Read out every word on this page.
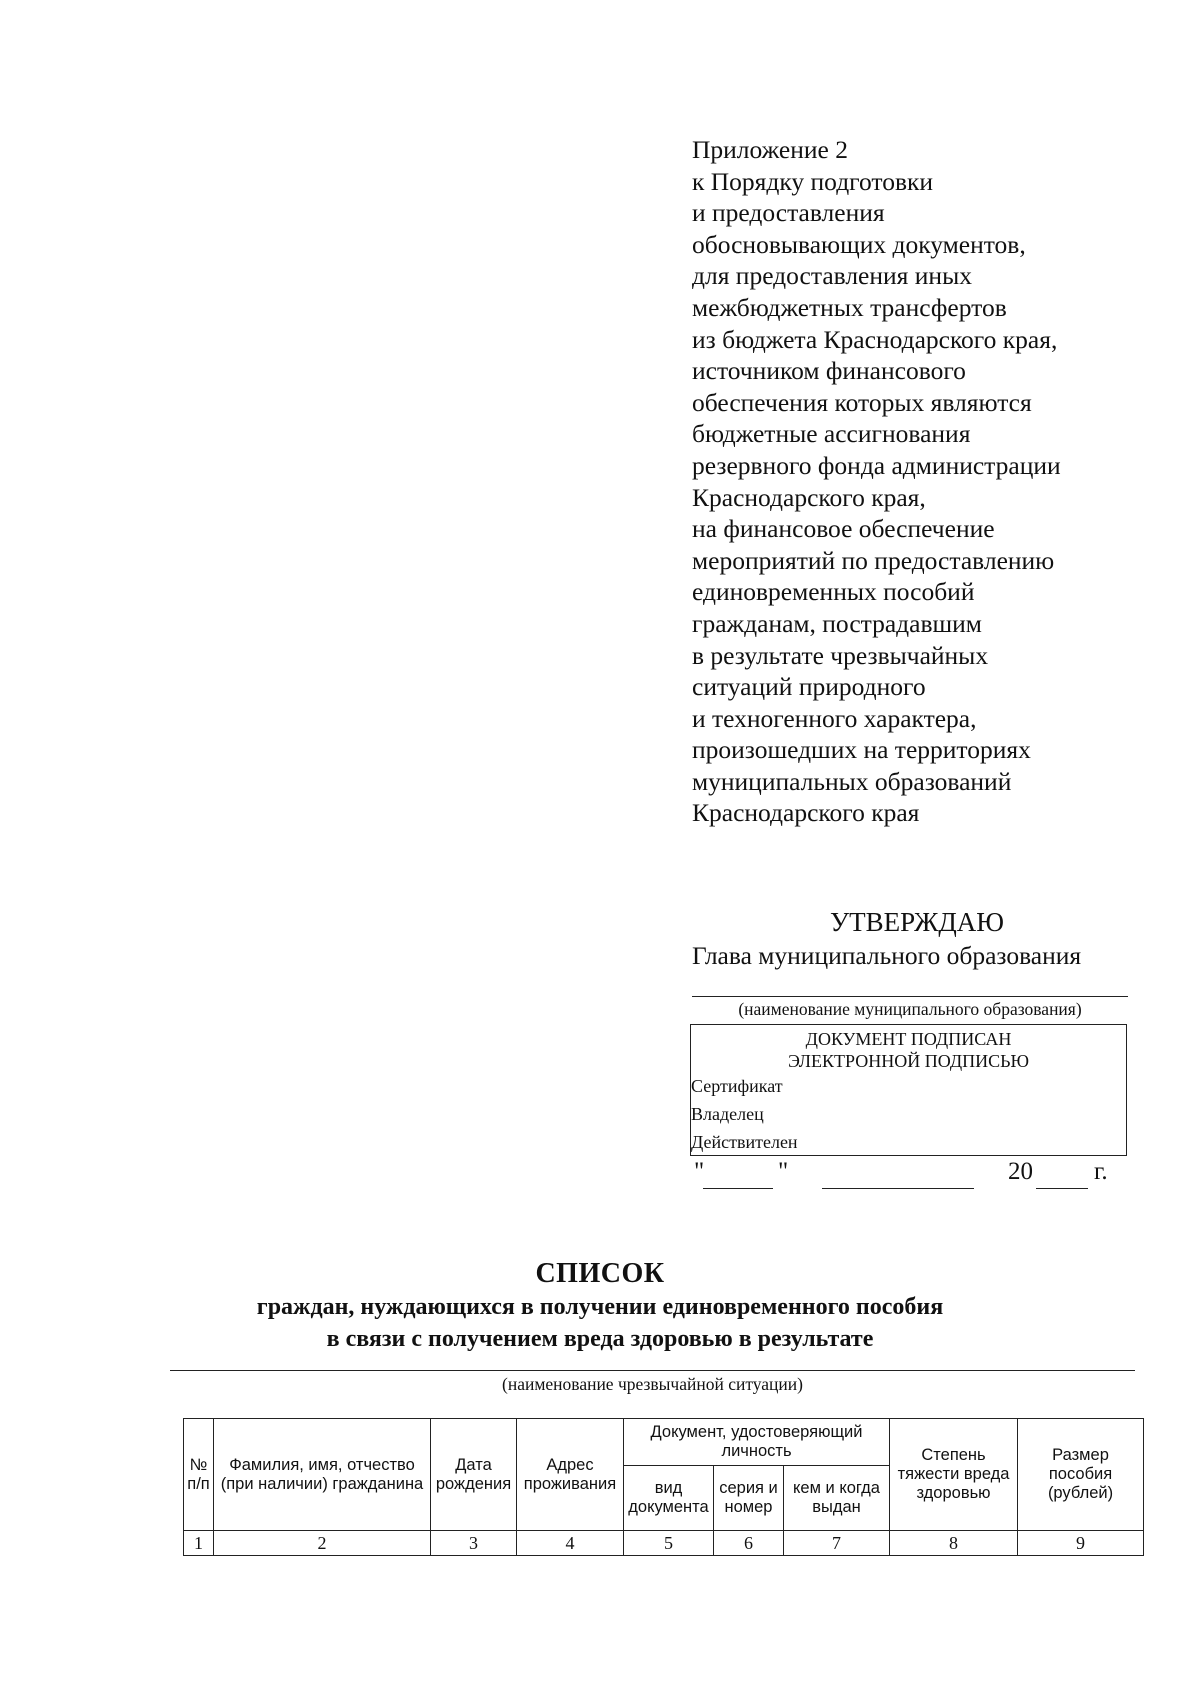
Приложение 2
к Порядку подготовки
и предоставления
обосновывающих документов,
для предоставления иных
межбюджетных трансфертов
из бюджета Краснодарского края,
источником финансового
обеспечения которых являются
бюджетные ассигнования
резервного фонда администрации
Краснодарского края,
на финансовое обеспечение
мероприятий по предоставлению
единовременных пособий
гражданам, пострадавшим
в результате чрезвычайных
ситуаций природного
и техногенного характера,
произошедших на территориях
муниципальных образований
Краснодарского края
УТВЕРЖДАЮ
Глава муниципального образования
(наименование муниципального образования)
ДОКУМЕНТ ПОДПИСАН
ЭЛЕКТРОННОЙ ПОДПИСЬЮ
Сертификат
Владелец
Действителен
"	"	20 г.
СПИСОК
граждан, нуждающихся в получении единовременного пособия
в связи с получением вреда здоровью в результате
(наименование чрезвычайной ситуации)
№ п/п	Фамилия, имя, отчество (при наличии) гражданина	Дата рождения	Адрес проживания	Документ, удостоверяющий личность			Степень тяжести вреда здоровью	Размер пособия (рублей)
				вид документа	серия и номер	кем и когда выдан		
1	2	3	4	5	6	7	8	9
